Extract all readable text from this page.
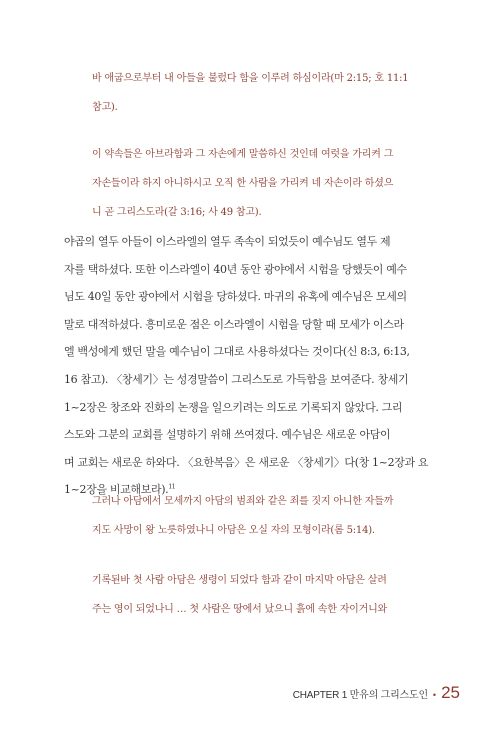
바 애굽으로부터 내 아들을 불렀다 함을 이루려 하심이라(마 2:15; 호 11:1
참고).
이 약속들은 아브라함과 그 자손에게 말씀하신 것인데 여럿을 가리켜 그
자손들이라 하지 아니하시고 오직 한 사람을 가리켜 네 자손이라 하셨으
니 곧 그리스도라(갈 3:16; 사 49 참고).
야곱의 열두 아들이 이스라엘의 열두 족속이 되었듯이 예수님도 열두 제
자를 택하셨다. 또한 이스라엘이 40년 동안 광야에서 시험을 당했듯이 예수
님도 40일 동안 광야에서 시험을 당하셨다. 마귀의 유혹에 예수님은 모세의
말로 대적하셨다. 흥미로운 점은 이스라엘이 시험을 당할 때 모세가 이스라
엘 백성에게 했던 말을 예수님이 그대로 사용하셨다는 것이다(신 8:3, 6:13,
16 참고). 〈창세기〉는 성경말씀이 그리스도로 가득함을 보여준다. 창세기
1~2장은 창조와 진화의 논쟁을 일으키려는 의도로 기록되지 않았다. 그리
스도와 그분의 교회를 설명하기 위해 쓰여졌다. 예수님은 새로운 아담이
며 교회는 새로운 하와다. 〈요한복음〉은 새로운 〈창세기〉다(창 1~2장과 요
1~2장을 비교해보라).$^{11}$
그러나 아담에서 모세까지 아담의 범죄와 같은 죄를 짓지 아니한 자들까
지도 사망이 왕 노릇하였나니 아담은 오실 자의 모형이라(롬 5:14).
기록된바 첫 사람 아담은 생령이 되었다 함과 같이 마지막 아담은 살려
주는 영이 되었나니 … 첫 사람은 땅에서 났으니 흙에 속한 자이거니와
CHAPTER 1 만유의 그리스도인 • 25
